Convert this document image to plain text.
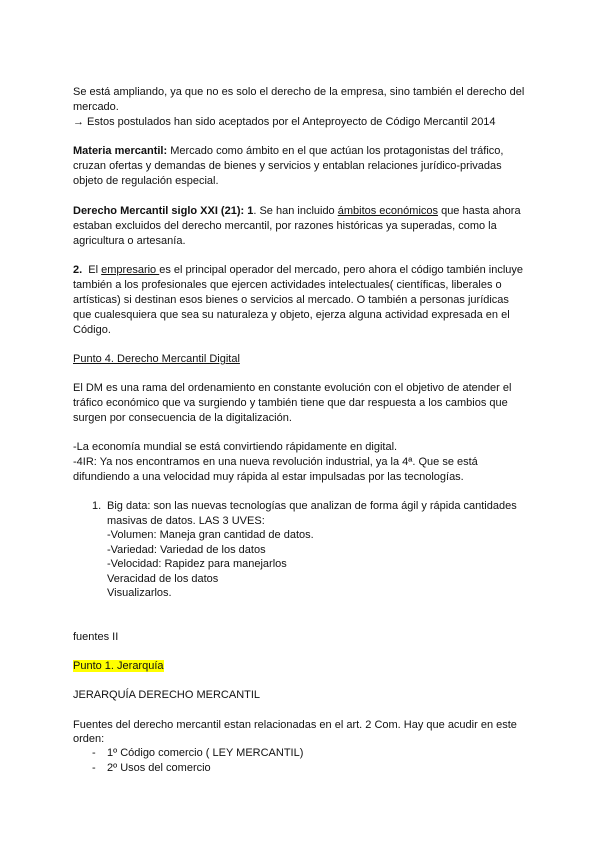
Se está ampliando, ya que no es solo el derecho de la empresa, sino también el derecho del

mercado.

→ Estos postulados han sido aceptados por el Anteproyecto de Código Mercantil 2014

Materia mercantil: Mercado como ámbito en el que actúan los protagonistas del tráfico,

cruzan ofertas y demandas de bienes y servicios y entablan relaciones jurídico-privadas

objeto de regulación especial.

Derecho Mercantil siglo XXI (21): 1. Se han incluido ámbitos económicos que hasta ahora

estaban excluidos del derecho mercantil, por razones históricas ya superadas, como la

agricultura o artesanía.

2.  El empresario es el principal operador del mercado, pero ahora el código también incluye

también a los profesionales que ejercen actividades intelectuales( científicas, liberales o

artísticas) si destinan esos bienes o servicios al mercado. O también a personas jurídicas

que cualesquiera que sea su naturaleza y objeto, ejerza alguna actividad expresada en el

Código.

Punto 4. Derecho Mercantil Digital

El DM es una rama del ordenamiento en constante evolución con el objetivo de atender el

tráfico económico que va surgiendo y también tiene que dar respuesta a los cambios que

surgen por consecuencia de la digitalización.

-La economía mundial se está convirtiendo rápidamente en digital.

-4IR: Ya nos encontramos en una nueva revolución industrial, ya la 4ª. Que se está

difundiendo a una velocidad muy rápida al estar impulsadas por las tecnologías.

1. Big data: son las nuevas tecnologías que analizan de forma ágil y rápida cantidades

masivas de datos. LAS 3 UVES:

-Volumen: Maneja gran cantidad de datos.

-Variedad: Variedad de los datos

-Velocidad: Rapidez para manejarlos

Veracidad de los datos

Visualizarlos.

fuentes II

Punto 1. Jerarquía

JERARQUÍA DERECHO MERCANTIL

Fuentes del derecho mercantil estan relacionadas en el art. 2 Com. Hay que acudir en este

orden:

- 1º Código comercio ( LEY MERCANTIL)

- 2º Usos del comercio
